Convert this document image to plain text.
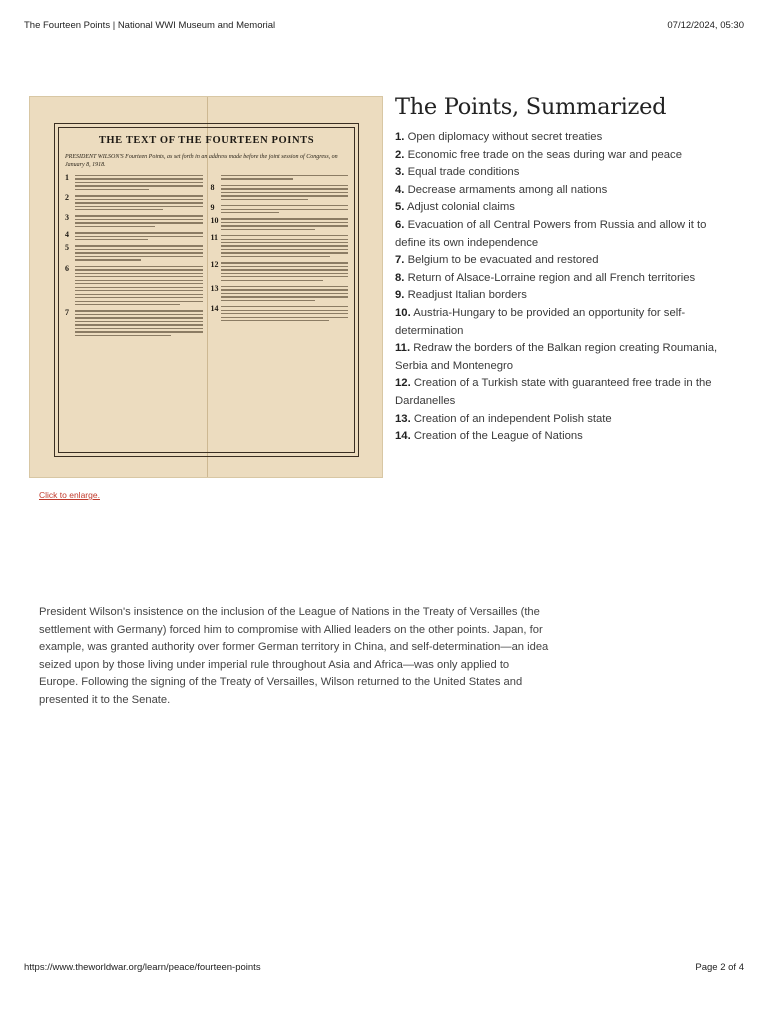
The Fourteen Points | National WWI Museum and Memorial	07/12/2024, 05:30
THE TEXT OF THE FOURTEEN POINTS
PRESIDENT WILSON'S Fourteen Points, as set forth in an address made before the joint session of Congress, on January 8, 1918.
1
2
3
4
5
6
7
8
9
10
11
12
13
14
Click to enlarge.
The Points, Summarized
1. Open diplomacy without secret treaties
2. Economic free trade on the seas during war and peace
3. Equal trade conditions
4. Decrease armaments among all nations
5. Adjust colonial claims
6. Evacuation of all Central Powers from Russia and allow it to define its own independence
7. Belgium to be evacuated and restored
8. Return of Alsace-Lorraine region and all French territories
9. Readjust Italian borders
10. Austria-Hungary to be provided an opportunity for self-determination
11. Redraw the borders of the Balkan region creating Roumania, Serbia and Montenegro
12. Creation of a Turkish state with guaranteed free trade in the Dardanelles
13. Creation of an independent Polish state
14. Creation of the League of Nations
President Wilson's insistence on the inclusion of the League of Nations in the Treaty of Versailles (the settlement with Germany) forced him to compromise with Allied leaders on the other points. Japan, for example, was granted authority over former German territory in China, and self-determination—an idea seized upon by those living under imperial rule throughout Asia and Africa—was only applied to Europe. Following the signing of the Treaty of Versailles, Wilson returned to the United States and presented it to the Senate.
https://www.theworldwar.org/learn/peace/fourteen-points	Page 2 of 4
